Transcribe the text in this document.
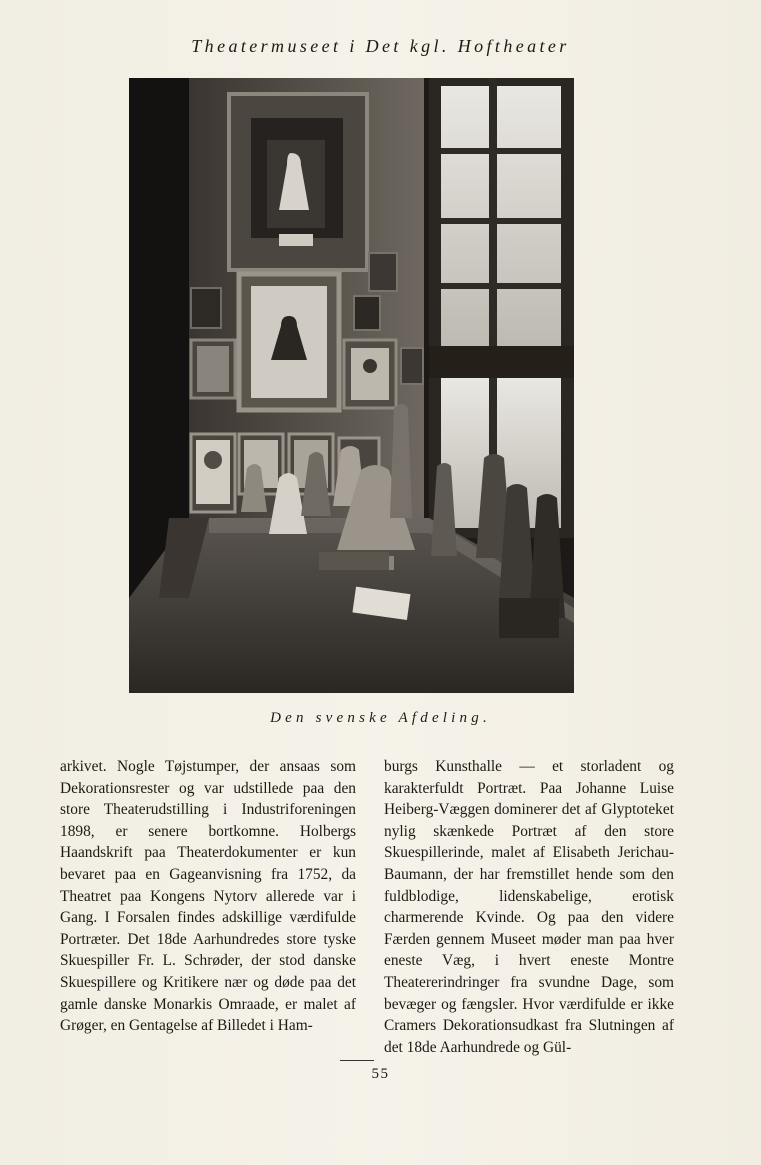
Theatermuseet i Det kgl. Hoftheater
Den svenske Afdeling.

arkivet. Nogle Tøjstumper, der ansaas som Dekorationsrester og var udstillede paa den store Theaterudstilling i Industriforeningen 1898, er senere bortkomne. Holbergs Haandskrift paa Theaterdokumenter er kun bevaret paa en Gageanvisning fra 1752, da Theatret paa Kongens Nytorv allerede var i Gang. I Forsalen findes adskillige værdifulde Portræter. Det 18de Aarhundredes store tyske Skuespiller Fr. L. Schrøder, der stod danske Skuespillere og Kritikere nær og døde paa det gamle danske Monarkis Omraade, er malet af Grøger, en Gentagelse af Billedet i Ham-

burgs Kunsthalle — et storladent og karakterfuldt Portræt. Paa Johanne Luise Heiberg-Væggen dominerer det af Glyptoteket nylig skænkede Portræt af den store Skuespillerinde, malet af Elisabeth Jerichau-Baumann, der har fremstillet hende som den fuldblodige, lidenskabelige, erotisk charmerende Kvinde. Og paa den videre Færden gennem Museet møder man paa hver eneste Væg, i hvert eneste Montre Theatererindringer fra svundne Dage, som bevæger og fængsler. Hvor værdifulde er ikke Cramers Dekorationsudkast fra Slutningen af det 18de Aarhundrede og Gül-

55
